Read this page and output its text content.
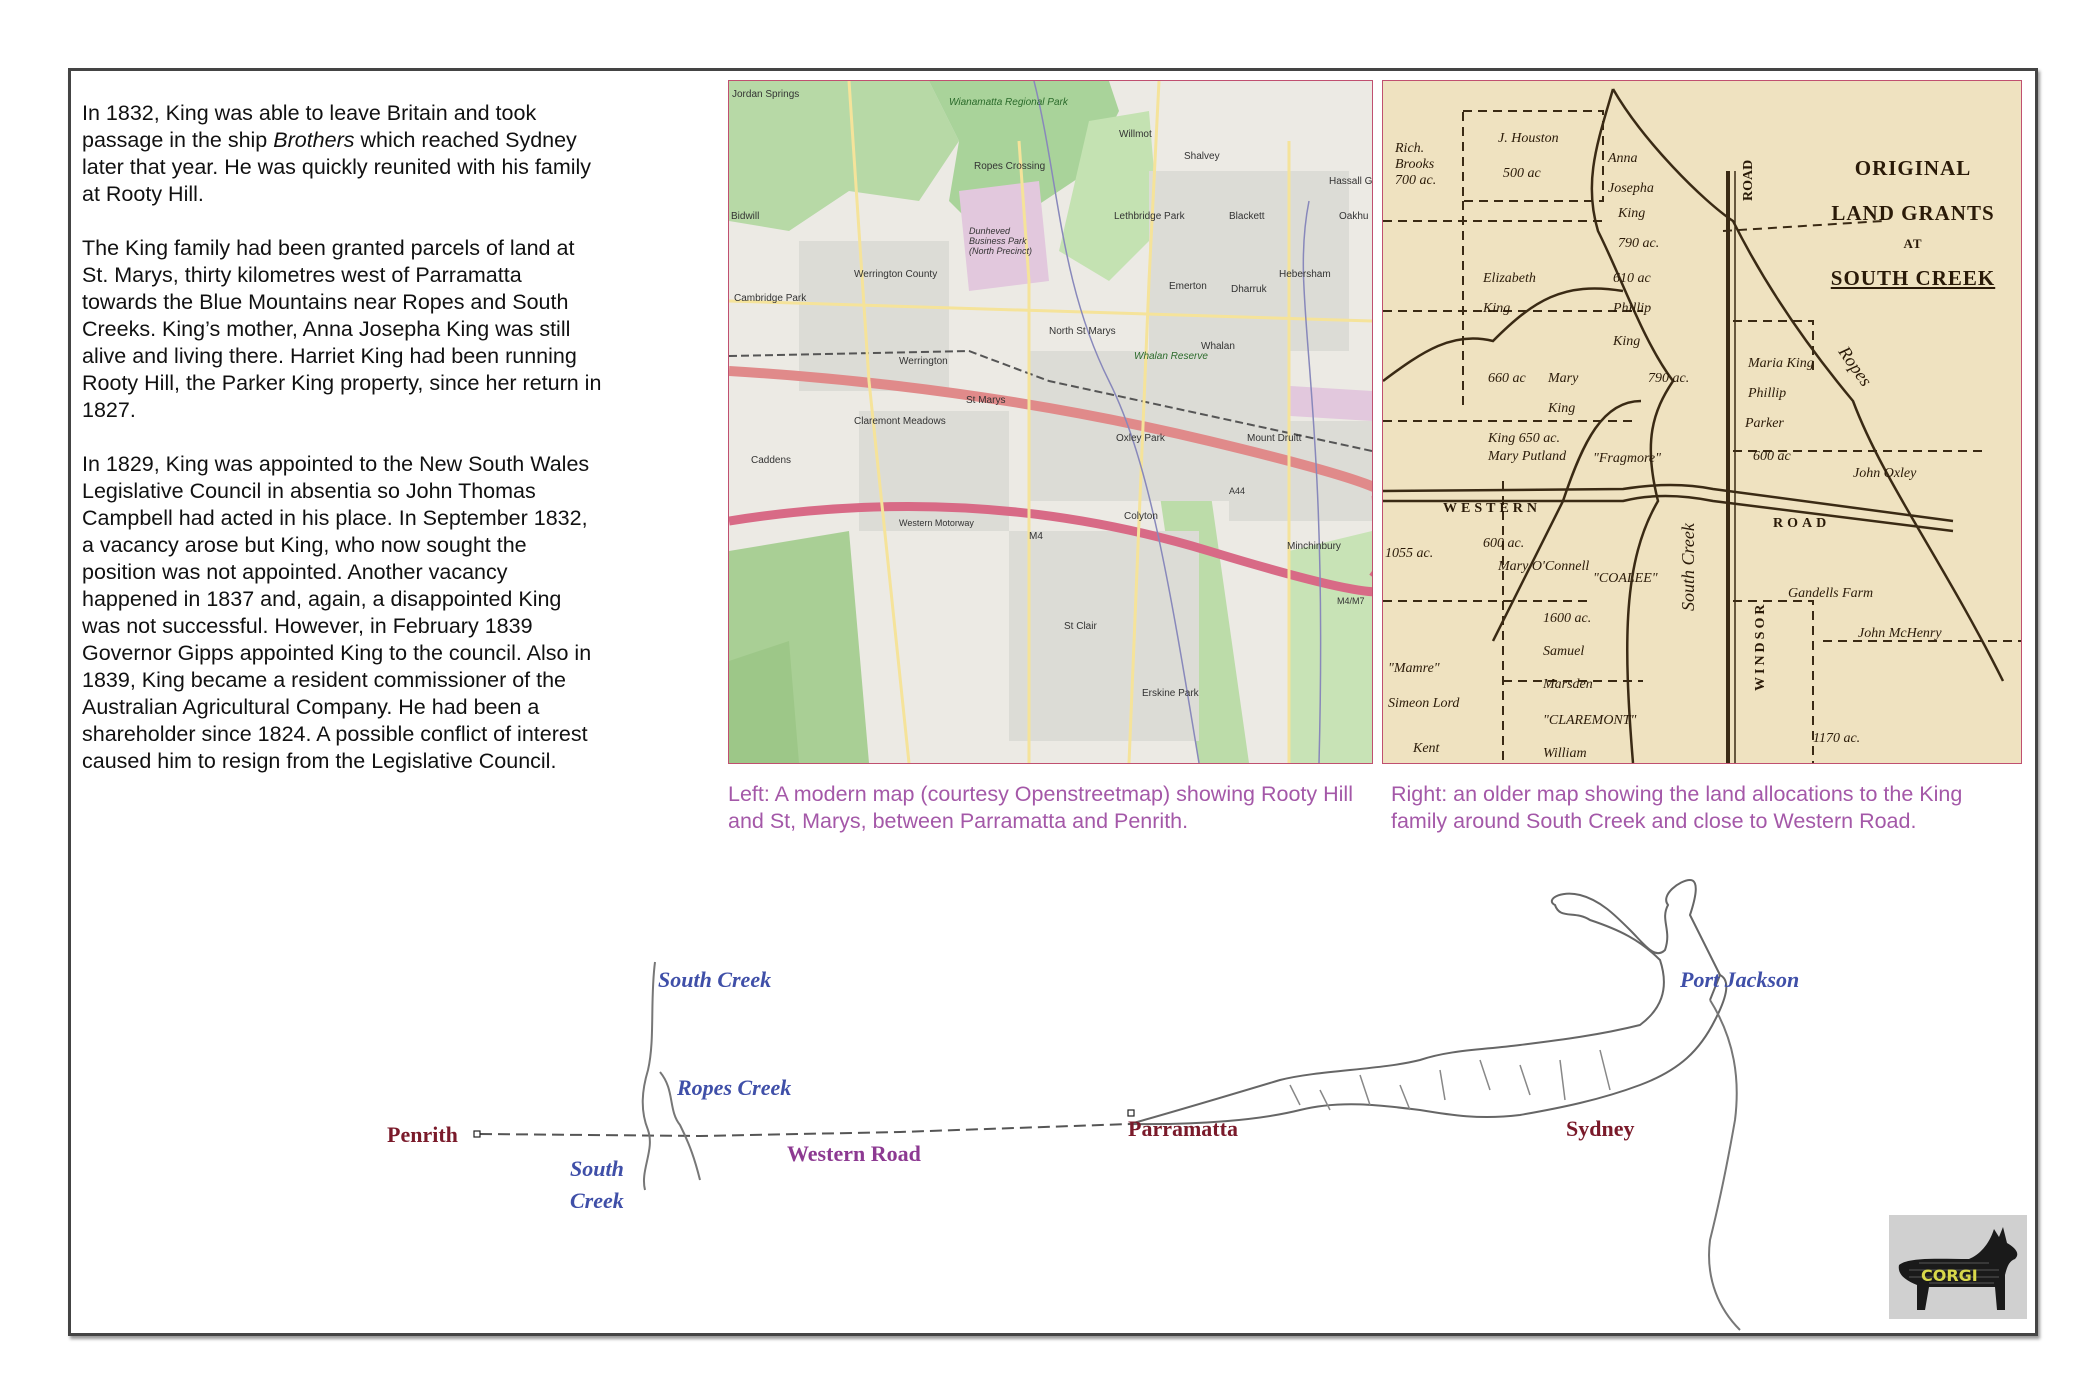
In 1832, King was able to leave Britain and took passage in the ship Brothers which reached Sydney later that year. He was quickly reunited with his family at Rooty Hill.

The King family had been granted parcels of land at St. Marys, thirty kilometres west of Parramatta towards the Blue Mountains near Ropes and South Creeks. King’s mother, Anna Josepha King was still alive and living there. Harriet King had been running Rooty Hill, the Parker King property, since her return in 1827.

In 1829, King was appointed to the New South Wales Legislative Council in absentia so John Thomas Campbell had acted in his place. In September 1832, a vacancy arose but King, who now sought the position was not appointed. Another vacancy happened in 1837 and, again, a disappointed King was not successful. However, in February 1839 Governor Gipps appointed King to the council. Also in 1839, King became a resident commissioner of the Australian Agricultural Company. He had been a shareholder since 1824. A possible conflict of interest caused him to resign from the Legislative Council.

Jordan Springs
Wianamatta Regional Park
Willmot
Shalvey
Ropes Crossing
Hassall G
Bidwill	Lethbridge Park	Blackett	Oakhu
Dunheved Business Park (North Precinct)
Werrington County
Emerton Dharruk
Hebersham
Cambridge Park
North St Marys
Whalan
Werrington	Whalan Reserve
St Marys
Claremont Meadows
Oxley Park	Mount Druitt
Caddens
Colyton
Minchinbury
Western Motorway
M4
St Clair
Erskine Park
A44
M4/M7
ORIGINAL
LAND GRANTS
AT
SOUTH CREEK
ROAD
Ropes
WESTERN
ROAD
WINDSOR
South Creek
Rich. Brooks 700 ac.
J. Houston
500 ac
Anna
Josepha
King
790 ac.
Elizabeth
King
610 ac
Phillip
King
660 ac Mary
King
790 ac.
Maria King
Phillip
Parker
King 650 ac.
Mary Putland "Fragmore"	600 ac
John Oxley
600 ac.
Mary O'Connell
"COALEE"
1055 ac.
Gandells Farm
John McHenry
1600 ac.
Samuel
Marsden
"Mamre"
Simeon Lord
"CLAREMONT"
William
Kent
1170 ac.
Left: A modern map (courtesy Openstreetmap) showing Rooty Hill and St, Marys, between Parramatta and Penrith.
Right: an older map showing the land allocations to the King family around South Creek and close to Western Road.
Penrith	Parramatta	Sydney
South Creek
Ropes Creek
South
Creek
Port Jackson
Western Road
CORGI
